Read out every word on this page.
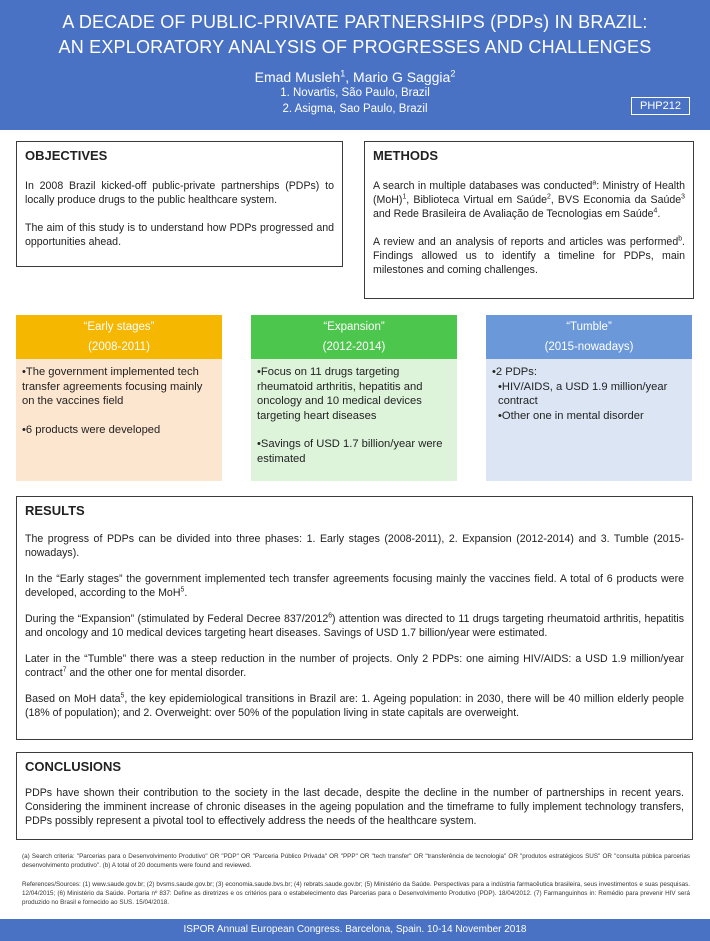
A DECADE OF PUBLIC-PRIVATE PARTNERSHIPS (PDPs) IN BRAZIL:
AN EXPLORATORY ANALYSIS OF PROGRESSES AND CHALLENGES
Emad Musleh$^1$, Mario G Saggia$^2$
1. Novartis, São Paulo, Brazil
2. Asigma, Sao Paulo, Brazil	PHP212
OBJECTIVES

In 2008 Brazil kicked-off public-private partnerships (PDPs) to locally produce drugs to the public healthcare system.

The aim of this study is to understand how PDPs progressed and opportunities ahead.

METHODS

A search in multiple databases was conducted$^a$: Ministry of Health (MoH)$^1$, Biblioteca Virtual em Saúde$^2$, BVS Economia da Saúde$^3$ and Rede Brasileira de Avaliação de Tecnologias em Saúde$^4$.

A review and an analysis of reports and articles was performed$^b$. Findings allowed us to identify a timeline for PDPs, main milestones and coming challenges.

“Early stages”
(2008-2011)
•The government implemented tech transfer agreements focusing mainly on the vaccines field
•6 products were developed
“Expansion”
(2012-2014)
•Focus on 11 drugs targeting rheumatoid arthritis, hepatitis and oncology and 10 medical devices targeting heart diseases
•Savings of USD 1.7 billion/year were estimated
“Tumble”
(2015-nowadays)
•2 PDPs:
•HIV/AIDS, a USD 1.9 million/year contract
•Other one in mental disorder
RESULTS

The progress of PDPs can be divided into three phases: 1. Early stages (2008-2011), 2. Expansion (2012-2014) and 3. Tumble (2015-nowadays).

In the “Early stages” the government implemented tech transfer agreements focusing mainly the vaccines field. A total of 6 products were developed, according to the MoH$^5$.

During the “Expansion” (stimulated by Federal Decree 837/2012$^6$) attention was directed to 11 drugs targeting rheumatoid arthritis, hepatitis and oncology and 10 medical devices targeting heart diseases. Savings of USD 1.7 billion/year were estimated.

Later in the “Tumble” there was a steep reduction in the number of projects. Only 2 PDPs: one aiming HIV/AIDS: a USD 1.9 million/year contract$^7$ and the other one for mental disorder.

Based on MoH data$^5$, the key epidemiological transitions in Brazil are: 1. Ageing population: in 2030, there will be 40 million elderly people (18% of population); and 2. Overweight: over 50% of the population living in state capitals are overweight.

CONCLUSIONS

PDPs have shown their contribution to the society in the last decade, despite the decline in the number of partnerships in recent years. Considering the imminent increase of chronic diseases in the ageing population and the timeframe to fully implement technology transfers, PDPs possibly represent a pivotal tool to effectively address the needs of the healthcare system.

(a) Search criteria: "Parcerias para o Desenvolvimento Produtivo" OR "PDP" OR "Parceria Público Privada" OR "PPP" OR "tech transfer" OR "transferência de tecnologia" OR "produtos estratégicos SUS" OR "consulta pública parcerias desenvolvimento produtivo". (b) A total of 20 documents were found and reviewed.
References/Sources: (1) www.saude.gov.br; (2) bvsms.saude.gov.br; (3) economia.saude.bvs.br; (4) rebrats.saude.gov.br; (5) Ministério da Saúde. Perspectivas para a indústria farmacêutica brasileira, seus investimentos e suas pesquisas. 12/04/2015; (6) Ministério da Saúde. Portaria nº 837: Define as diretrizes e os critérios para o estabelecimento das Parcerias para o Desenvolvimento Produtivo (PDP). 18/04/2012. (7) Farmanguinhos in: Remédio para prevenir HIV será produzido no Brasil e fornecido ao SUS. 15/04/2018.
ISPOR Annual European Congress. Barcelona, Spain. 10-14 November 2018
